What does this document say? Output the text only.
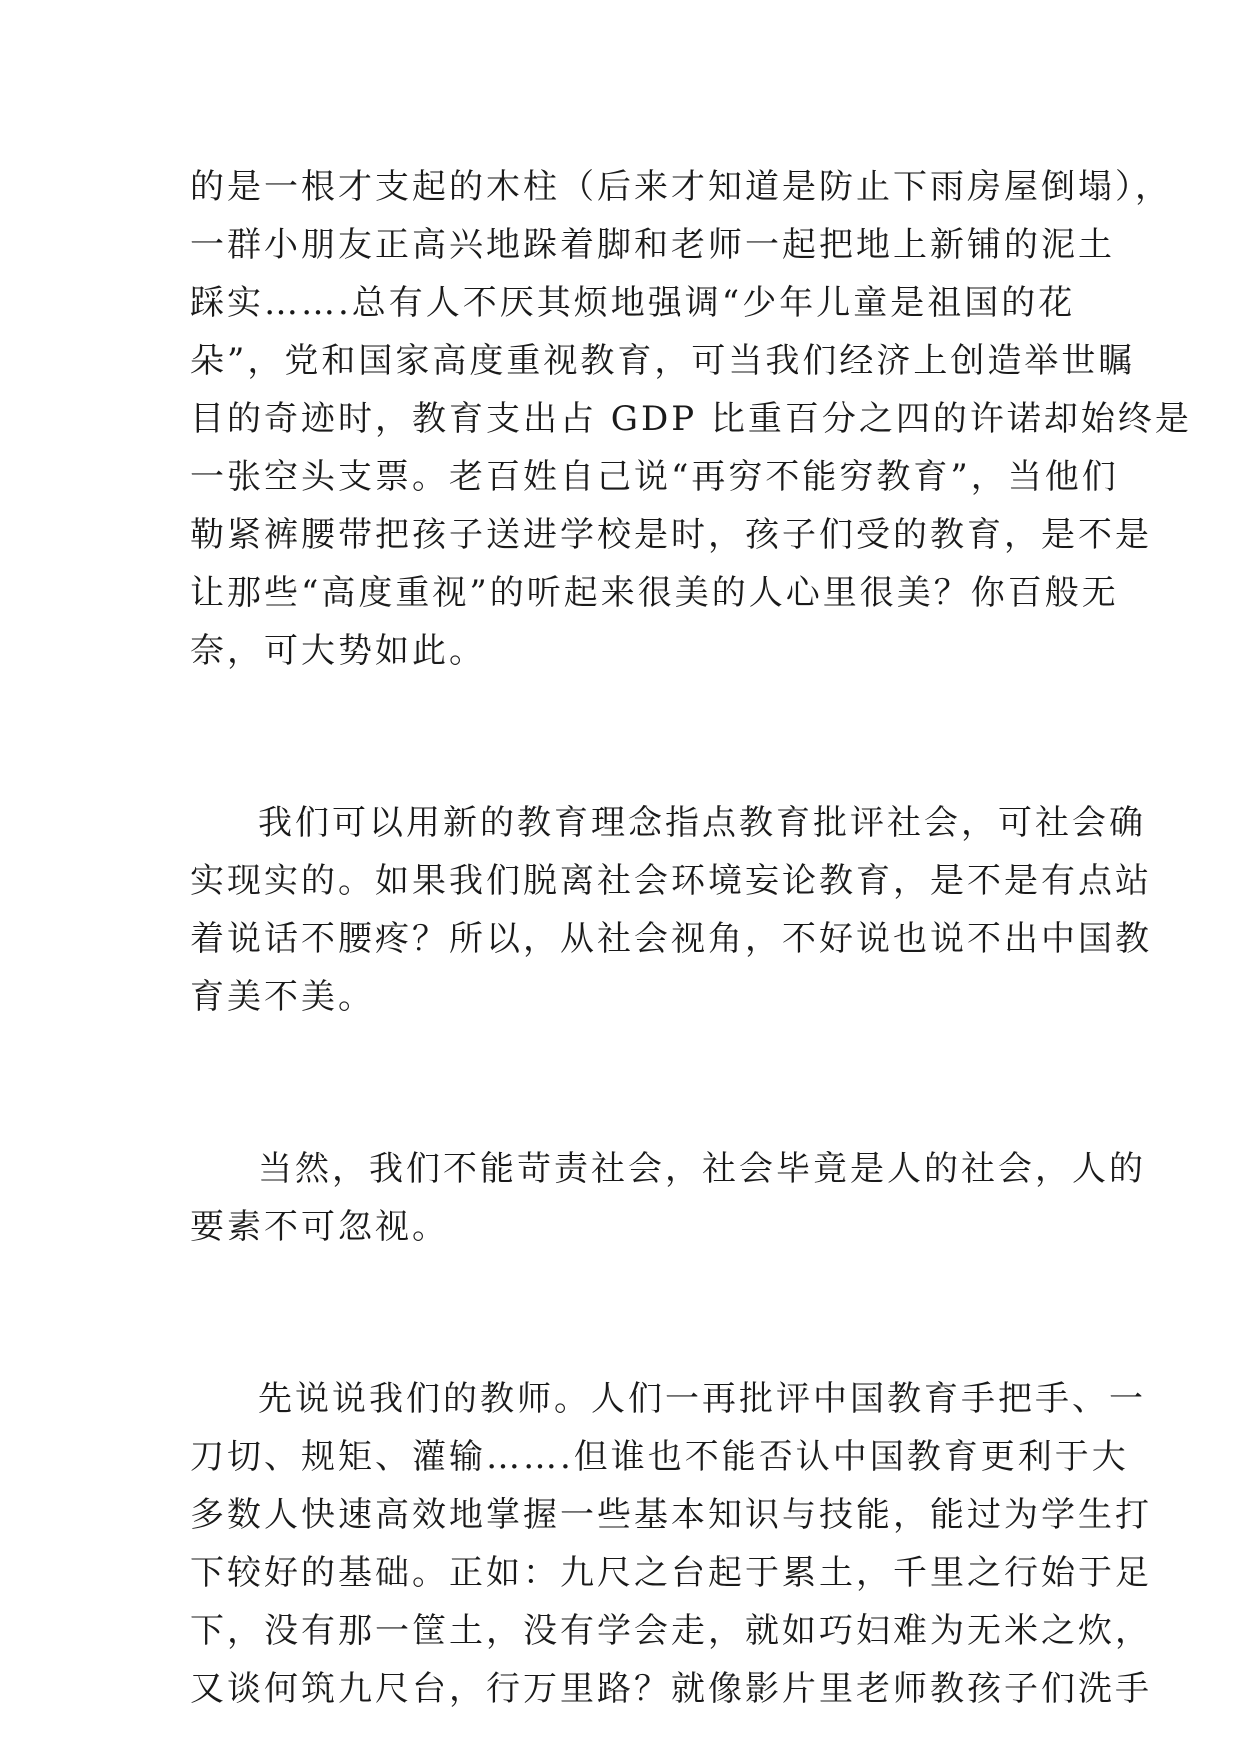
的是一根才支起的木柱（后来才知道是防止下雨房屋倒塌），
一群小朋友正高兴地跺着脚和老师一起把地上新铺的泥土
踩实…….总有人不厌其烦地强调“少年儿童是祖国的花
朵”，党和国家高度重视教育，可当我们经济上创造举世瞩
目的奇迹时，教育支出占 GDP 比重百分之四的许诺却始终是
一张空头支票。老百姓自己说“再穷不能穷教育”，当他们
勒紧裤腰带把孩子送进学校是时，孩子们受的教育，是不是
让那些“高度重视”的听起来很美的人心里很美？你百般无
奈，可大势如此。
我们可以用新的教育理念指点教育批评社会，可社会确
实现实的。如果我们脱离社会环境妄论教育，是不是有点站
着说话不腰疼？所以，从社会视角，不好说也说不出中国教
育美不美。
当然，我们不能苛责社会，社会毕竟是人的社会，人的
要素不可忽视。
先说说我们的教师。人们一再批评中国教育手把手、一
刀切、规矩、灌输…….但谁也不能否认中国教育更利于大
多数人快速高效地掌握一些基本知识与技能，能过为学生打
下较好的基础。正如：九尺之台起于累土，千里之行始于足
下，没有那一筐土，没有学会走，就如巧妇难为无米之炊，
又谈何筑九尺台，行万里路？就像影片里老师教孩子们洗手
